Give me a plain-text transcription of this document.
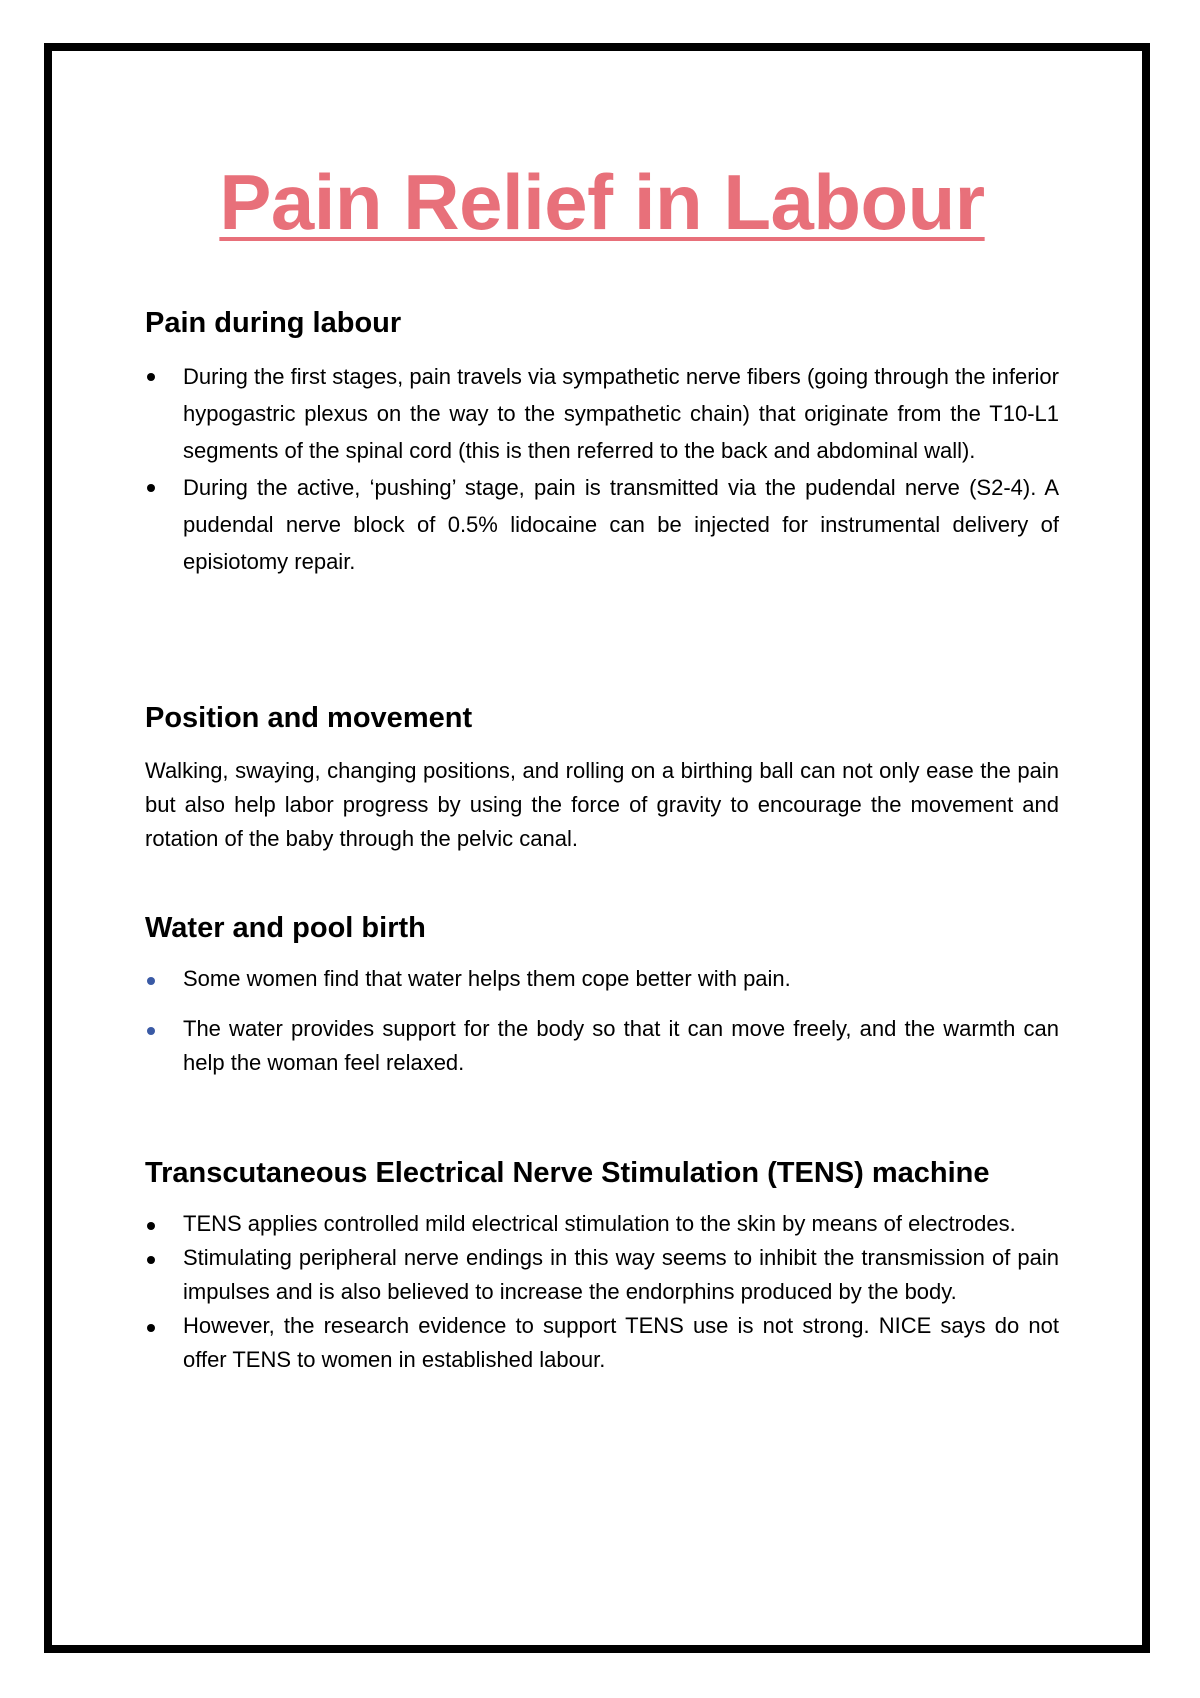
Pain Relief in Labour
Pain during labour
During the first stages, pain travels via sympathetic nerve fibers (going through the inferior hypogastric plexus on the way to the sympathetic chain) that originate from the T10-L1 segments of the spinal cord (this is then referred to the back and abdominal wall).
During the active, ‘pushing’ stage, pain is transmitted via the pudendal nerve (S2-4). A pudendal nerve block of 0.5% lidocaine can be injected for instrumental delivery of episiotomy repair.
Position and movement

Walking, swaying, changing positions, and rolling on a birthing ball can not only ease the pain but also help labor progress by using the force of gravity to encourage the movement and rotation of the baby through the pelvic canal.

Water and pool birth
Some women find that water helps them cope better with pain.
The water provides support for the body so that it can move freely, and the warmth can help the woman feel relaxed.
Transcutaneous Electrical Nerve Stimulation (TENS) machine
TENS applies controlled mild electrical stimulation to the skin by means of electrodes.
Stimulating peripheral nerve endings in this way seems to inhibit the transmission of pain impulses and is also believed to increase the endorphins produced by the body.
However, the research evidence to support TENS use is not strong. NICE says do not offer TENS to women in established labour.
